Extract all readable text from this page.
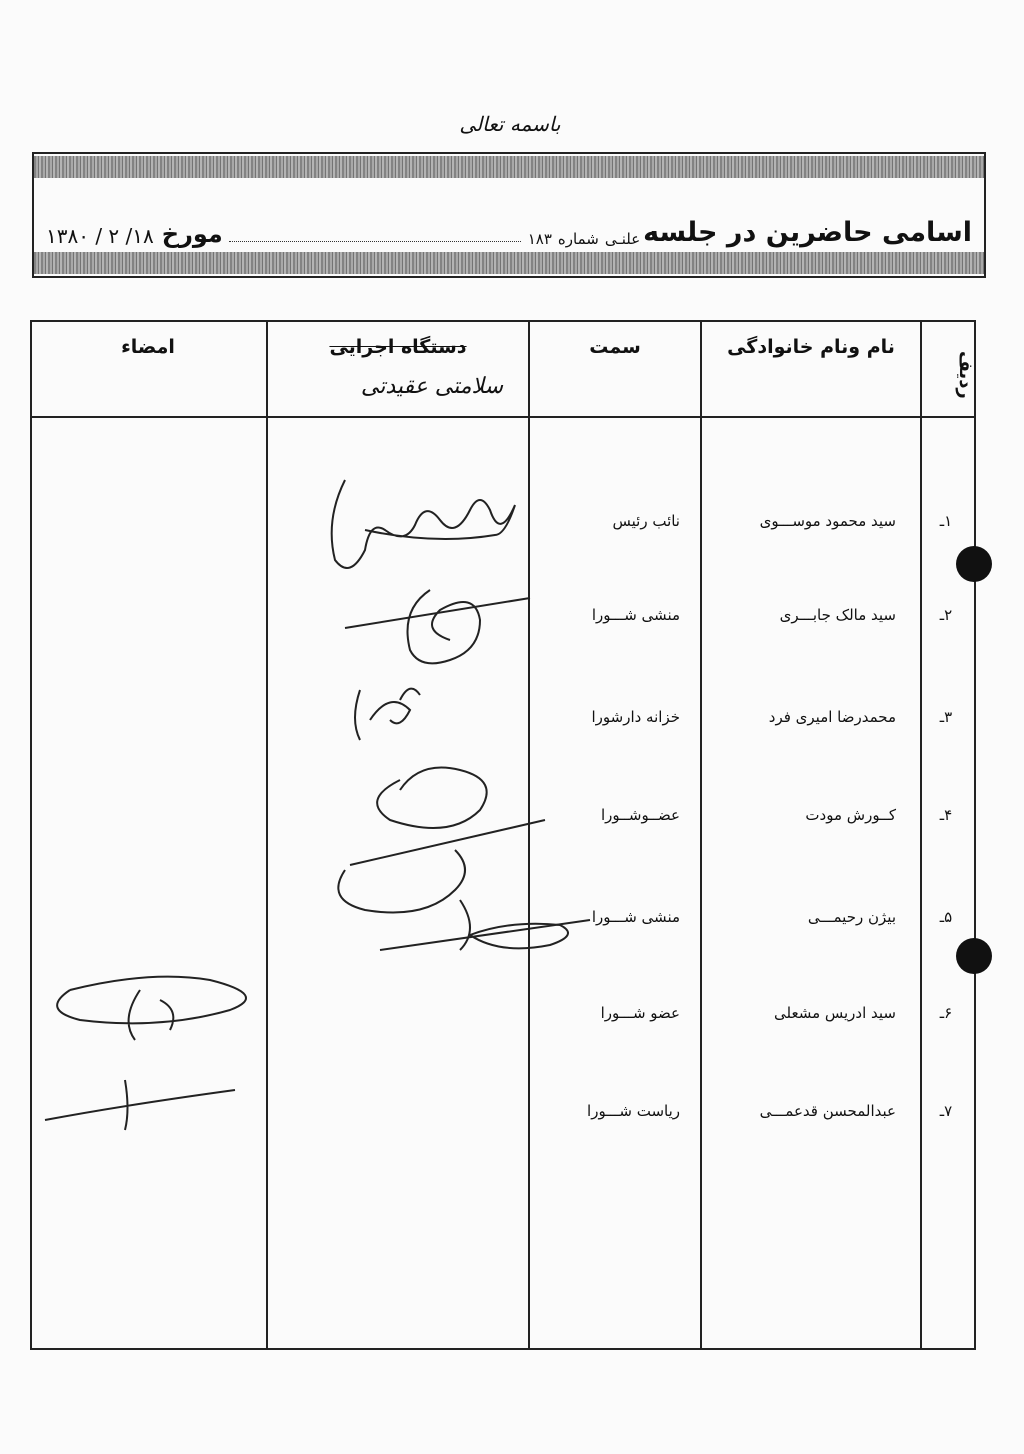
باسمه تعالی
اسامی حاضرین در جلسه
علنـی
شماره
۱۸۳
مورخ
۱۸/ ۲ / ۱۳۸۰
ردیف
نام ونام خانوادگی
سمت
دستگاه اجرایی
سلامتی عقیدتی
امضاء
۱ـ
سید محمود موســـوی
نائب رئیس
۲ـ
سید مالک جابـــری
منشی شـــورا
۳ـ
محمدرضا امیری فرد
خزانه دارشورا
۴ـ
کــورش مودت
عضــوشــورا
۵ـ
بیژن رحیمـــی
منشی شـــورا
۶ـ
سید ادریس مشعلی
عضو شـــورا
۷ـ
عبدالمحسن قدعمـــی
ریاست شـــورا
